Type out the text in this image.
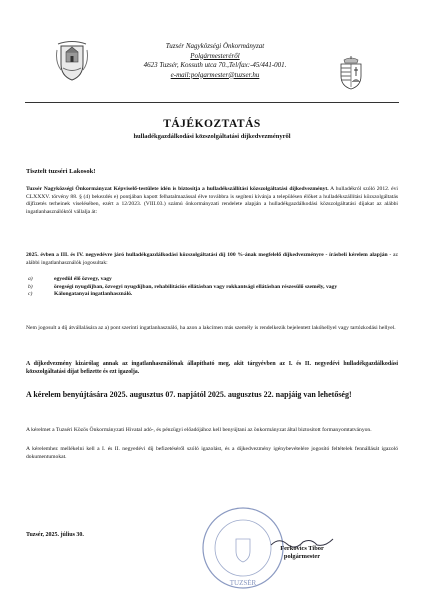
Tuzsér Nagyközségi Önkormányzat
Polgármesteréről
4623 Tuzsér, Kossuth utca 70.,Tel/fax:-45/441-001.
e-mail:polgarmester@tuzser.hu
TÁJÉKOZTATÁS
hulladékgazdálkodási közszolgáltatási díjkedvezményről
Tisztelt tuzséri Lakosok!
Tuzsér Nagyközségi Önkormányzat Képviselő-testülete idén is biztosítja a hulladékszállítási közszolgáltatási díjkedvezményt. A hulladékról szóló 2012. évi CLXXXV. törvény 88. § (4) bekezdés e) pontjában kapott felhatalmazással élve továbbra is segíteni kívánja a településen élőket a hulladékszállítási közszolgáltatás díjfizetés terheinek viselésében, ezért a 12/2023. (VIII.03.) számú önkormányzati rendelete alapján a hulladékgazdálkodási közszolgáltatási díjakat az alábbi ingatlanhasználóktól vállalja át:
2025. évben a III. és IV. negyedévre járó hulladékgazdálkodási közszolgáltatási díj 100 %-ának megfelelő díjkedvezményre - írásbeli kérelem alapján - az alábbi ingatlanhasználók jogosultak:
a)	egyedül élő özvegy, vagy
b)	öregségi nyugdíjban, özvegyi nyugdíjban, rehabilitációs ellátásban vagy rokkantsági ellátásban részesülő személy, vagy
c)	Kálongatanyai ingatlanhasználó.
Nem jogosult a díj átvállalására az a) pont szerinti ingatlanhasználó, ha azon a lakcímen más személy is rendelkezik bejelentett lakóhellyel vagy tartózkodási hellyel.
A díjkedvezmény kizárólag annak az ingatlanhasználónak állapítható meg, akit tárgyévben az I. és II. negyedévi hulladékgazdálkodási közszolgáltatási díjat befizette és ezt igazolja.
A kérelem benyújtására 2025. augusztus 07. napjától 2025. augusztus 22. napjáig van lehetőség!
A kérelmet a Tuzséri Közös Önkormányzati Hivatal adó-, és pénzügyi előadójához kell benyújtani az önkormányzat által biztosított formanyomtatványon.
A kérelemhez mellékelni kell a I. és II. negyedévi díj befizetéséről szóló igazolást, és a díjkedvezmény igénybevételére jogosító feltételek fennállását igazoló dokumentumokat.
Tuzsér, 2025. július 30.
TUZSÉR
Ferkovics Tibor
polgármester
